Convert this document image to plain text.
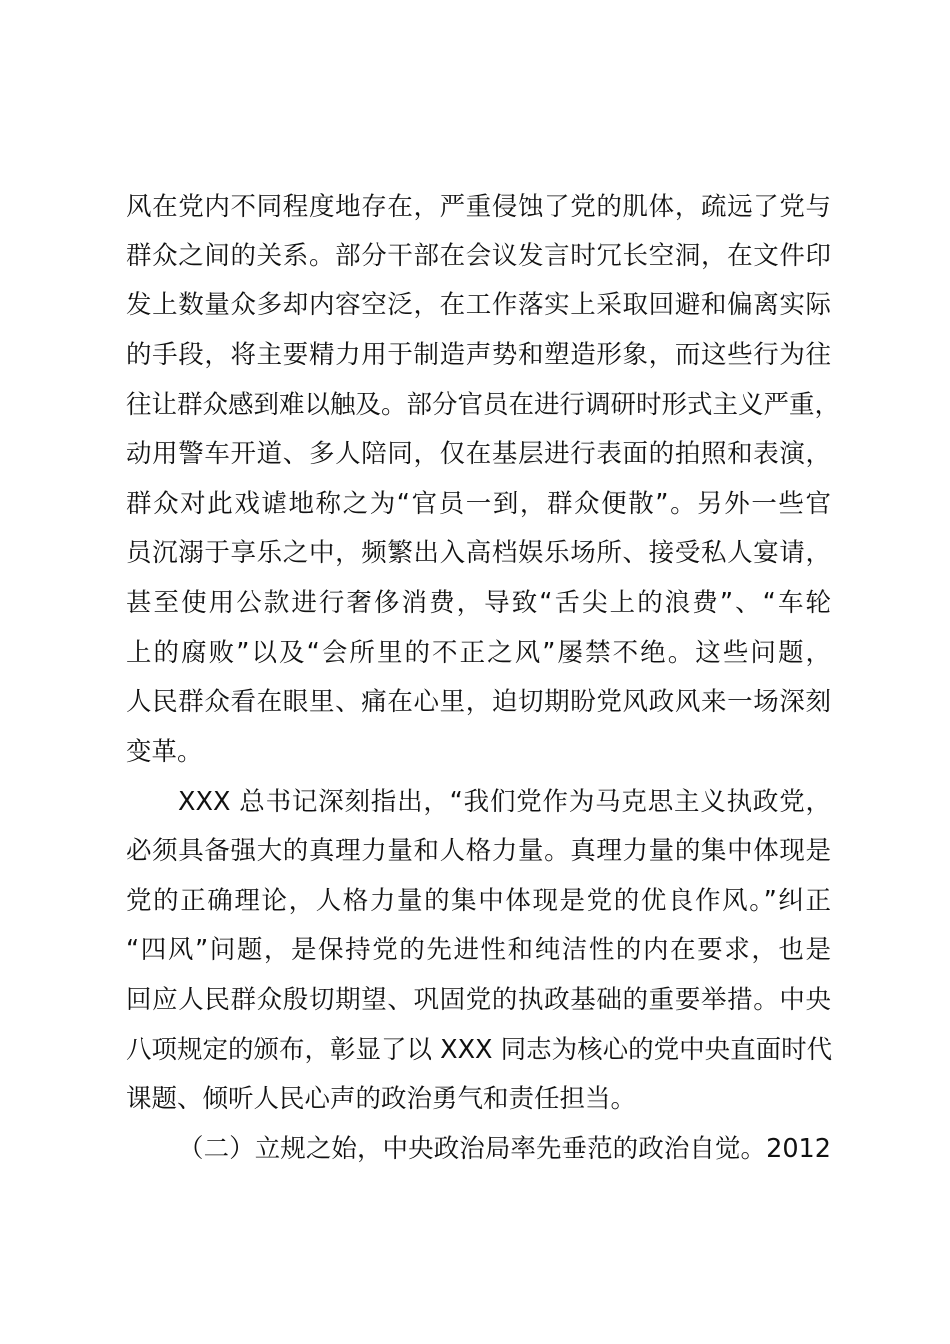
风在党内不同程度地存在，严重侵蚀了党的肌体，疏远了党与
群众之间的关系。部分干部在会议发言时冗长空洞，在文件印
发上数量众多却内容空泛，在工作落实上采取回避和偏离实际
的手段，将主要精力用于制造声势和塑造形象，而这些行为往
往让群众感到难以触及。部分官员在进行调研时形式主义严重，
动用警车开道、多人陪同，仅在基层进行表面的拍照和表演，
群众对此戏谑地称之为“官员一到，群众便散”。另外一些官
员沉溺于享乐之中，频繁出入高档娱乐场所、接受私人宴请，
甚至使用公款进行奢侈消费，导致“舌尖上的浪费”、“车轮
上的腐败”以及“会所里的不正之风”屡禁不绝。这些问题，
人民群众看在眼里、痛在心里，迫切期盼党风政风来一场深刻
变革。
XXX 总书记深刻指出，“我们党作为马克思主义执政党，
必须具备强大的真理力量和人格力量。真理力量的集中体现是
党的正确理论，人格力量的集中体现是党的优良作风。”纠正
“四风”问题，是保持党的先进性和纯洁性的内在要求，也是
回应人民群众殷切期望、巩固党的执政基础的重要举措。中央
八项规定的颁布，彰显了以 XXX 同志为核心的党中央直面时代
课题、倾听人民心声的政治勇气和责任担当。
（二）立规之始，中央政治局率先垂范的政治自觉。2012
